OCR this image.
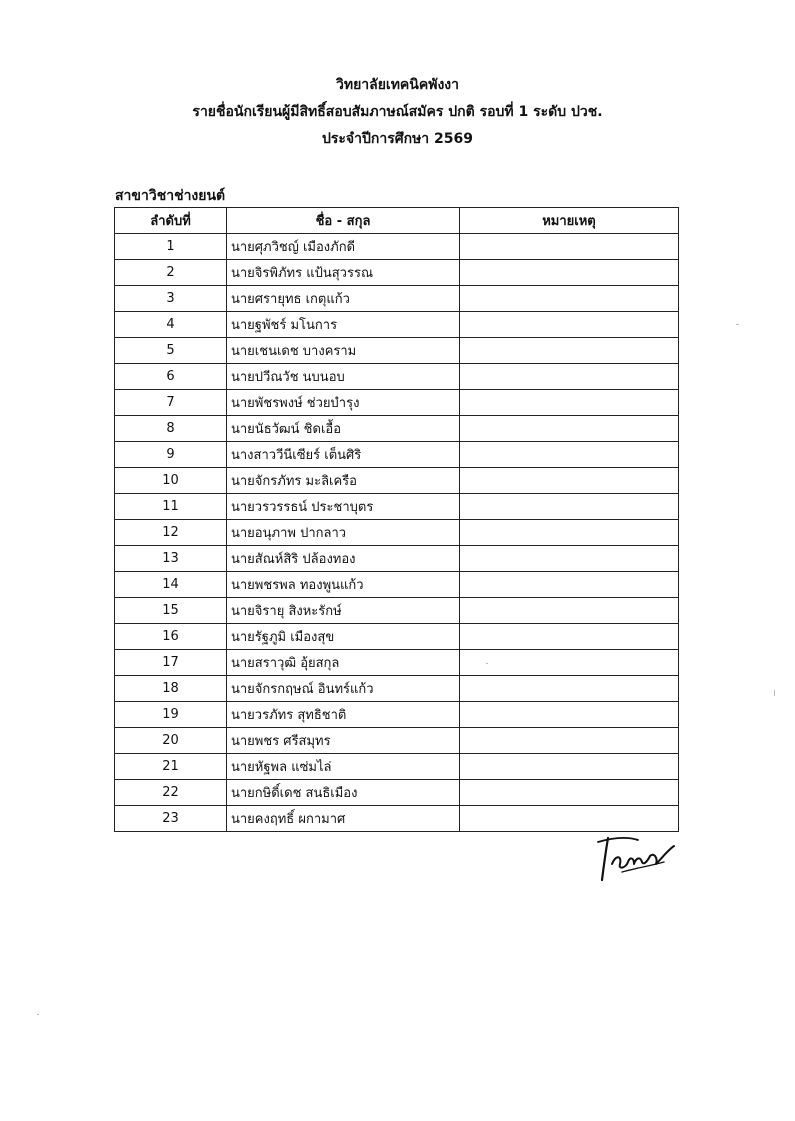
วิทยาลัยเทคนิคพังงา
รายชื่อนักเรียนผู้มีสิทธิ์สอบสัมภาษณ์สมัคร ปกติ รอบที่ 1 ระดับ ปวช.
ประจำปีการศึกษา 2569
สาขาวิชาช่างยนต์
ลำดับที่	ชื่อ - สกุล	หมายเหตุ
1	นายศุภวิชญ์ เมืองภักดี	
2	นายจิรพิภัทร แป้นสุวรรณ	
3	นายศรายุทธ เกตุแก้ว	
4	นายฐพัชร์ มโนการ	
5	นายเชนเดช บางคราม	
6	นายปวีณวัช นบนอบ	
7	นายพัชรพงษ์ ช่วยบำรุง	
8	นายนัธวัฒน์ ชิดเอื้อ	
9	นางสาววีนีเซียร์ เต็นศิริ	
10	นายจักรภัทร มะลิเครือ	
11	นายวรวรรธน์ ประชาบุตร	
12	นายอนุภาพ ปากลาว	
13	นายสัณห์สิริ ปล้องทอง	
14	นายพชรพล ทองพูนแก้ว	
15	นายจิรายุ สิงหะรักษ์	
16	นายรัฐภูมิ เมืองสุข	
17	นายสราวุฒิ อุ้ยสกุล	
18	นายจักรกฤษณ์ อินทร์แก้ว	
19	นายวรภัทร สุทธิชาติ	
20	นายพชร ศรีสมุทร	
21	นายหัฐพล แซ่มไล่	
22	นายกษิดิ์เดช สนธิเมือง	
23	นายคงฤทธิ์ ผกามาศ	
